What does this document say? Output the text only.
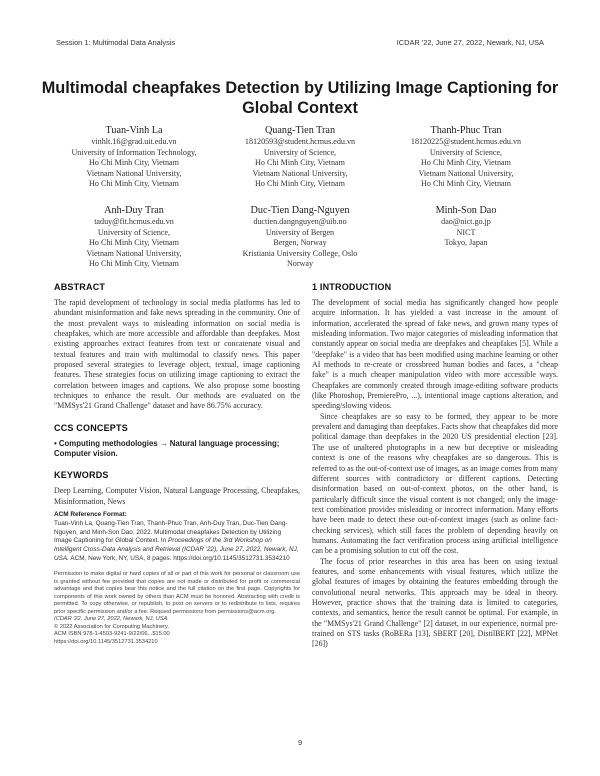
Session 1: Multimodal Data Analysis	ICDAR '22, June 27, 2022, Newark, NJ, USA
Multimodal cheapfakes Detection by Utilizing Image Captioning for Global Context
Tuan-Vinh La
vinhlt.16@grad.uit.edu.vn
University of Information Technology,
Ho Chi Minh City, Vietnam
Vietnam National University,
Ho Chi Minh City, Vietnam
Quang-Tien Tran
18120593@student.hcmus.edu.vn
University of Science,
Ho Chi Minh City, Vietnam
Vietnam National University,
Ho Chi Minh City, Vietnam
Thanh-Phuc Tran
18120225@student.hcmus.edu.vn
University of Science,
Ho Chi Minh City, Vietnam
Vietnam National University,
Ho Chi Minh City, Vietnam
Anh-Duy Tran
taduy@fit.hcmus.edu.vn
University of Science,
Ho Chi Minh City, Vietnam
Vietnam National University,
Ho Chi Minh City, Vietnam
Duc-Tien Dang-Nguyen
ductien.dangnguyen@uib.no
University of Bergen
Bergen, Norway
Kristiania University College, Oslo
Norway
Minh-Son Dao
dao@nict.go.jp
NICT
Tokyo, Japan
ABSTRACT

The rapid development of technology in social media platforms has led to abundant misinformation and fake news spreading in the community. One of the most prevalent ways to misleading information on social media is cheapfakes, which are more accessible and affordable than deepfakes. Most existing approaches extract features from text or concatenate visual and textual features and train with multimodal to classify news. This paper proposed several strategies to leverage object, textual, image captioning features. These strategies focus on utilizing image captioning to extract the correlation between images and captions. We also propose some boosting techniques to enhance the result. Our methods are evaluated on the "MMSys'21 Grand Challenge" dataset and have 86.75% accuracy.

CCS CONCEPTS

• Computing methodologies → Natural language processing; Computer vision.

KEYWORDS

Deep Learning, Computer Vision, Natural Language Processing, Cheapfakes, Misinformation, News

ACM Reference Format:

Tuan-Vinh La, Quang-Tien Tran, Thanh-Phuc Tran, Anh-Duy Tran, Duc-Tien Dang-Nguyen, and Minh-Son Dao. 2022. Multimodal cheapfakes Detection by Utilizing Image Captioning for Global Context. In Proceedings of the 3rd Workshop on Intelligent Cross-Data Analysis and Retrieval (ICDAR '22), June 27, 2022, Newark, NJ, USA. ACM, New York, NY, USA, 8 pages. https://doi.org/10.1145/3512731.3534210

Permission to make digital or hard copies of all or part of this work for personal or classroom use is granted without fee provided that copies are not made or distributed for profit or commercial advantage and that copies bear this notice and the full citation on the first page. Copyrights for components of this work owned by others than ACM must be honored. Abstracting with credit is permitted. To copy otherwise, or republish, to post on servers or to redistribute to lists, requires prior specific permission and/or a fee. Request permissions from permissions@acm.org.

ICDAR '22, June 27, 2022, Newark, NJ, USA.

© 2022 Association for Computing Machinery.

ACM ISBN 978-1-4503-9241-9/22/06...$15.00

https://doi.org/10.1145/3512731.3534210

1 INTRODUCTION

The development of social media has significantly changed how people acquire information. It has yielded a vast increase in the amount of information, accelerated the spread of fake news, and grown many types of misleading information. Two major categories of misleading information that constantly appear on social media are deepfakes and cheapfakes [5]. While a "deepfake" is a video that has been modified using machine learning or other AI methods to re-create or crossbreed human bodies and faces, a "cheap fake" is a much cheaper manipulation video with more accessible ways. Cheapfakes are commonly created through image-editing software products (like Photoshop, PremierePro, ...), intentional image captions alteration, and speeding/slowing videos.

Since cheapfakes are so easy to be formed, they appear to be more prevalent and damaging than deepfakes. Facts show that cheapfakes did more political damage than deepfakes in the 2020 US presidential election [23]. The use of unaltered photographs in a new but deceptive or misleading context is one of the reasons why cheapfakes are so dangerous. This is referred to as the out-of-context use of images, as an image comes from many different sources with contradictory or different captions. Detecting disinformation based on out-of-context photos, on the other hand, is particularly difficult since the visual content is not changed; only the image-text combination provides misleading or incorrect information. Many efforts have been made to detect these out-of-context images (such as online fact-checking services), which still faces the problem of depending heavily on humans. Automating the fact verification process using artificial intelligence can be a promising solution to cut off the cost.

The focus of prior researches in this area has been on using textual features, and some enhancements with visual features, which utilize the global features of images by obtaining the features embedding through the convolutional neural networks. This approach may be ideal in theory. However, practice shows that the training data is limited to categories, contexts, and semantics, hence the result cannot be optimal. For example, in the "MMSys'21 Grand Challenge" [2] dataset, in our experience, normal pre-trained on STS tasks (RoBERa [13], SBERT [20], DistilBERT [22], MPNet [26])

9
